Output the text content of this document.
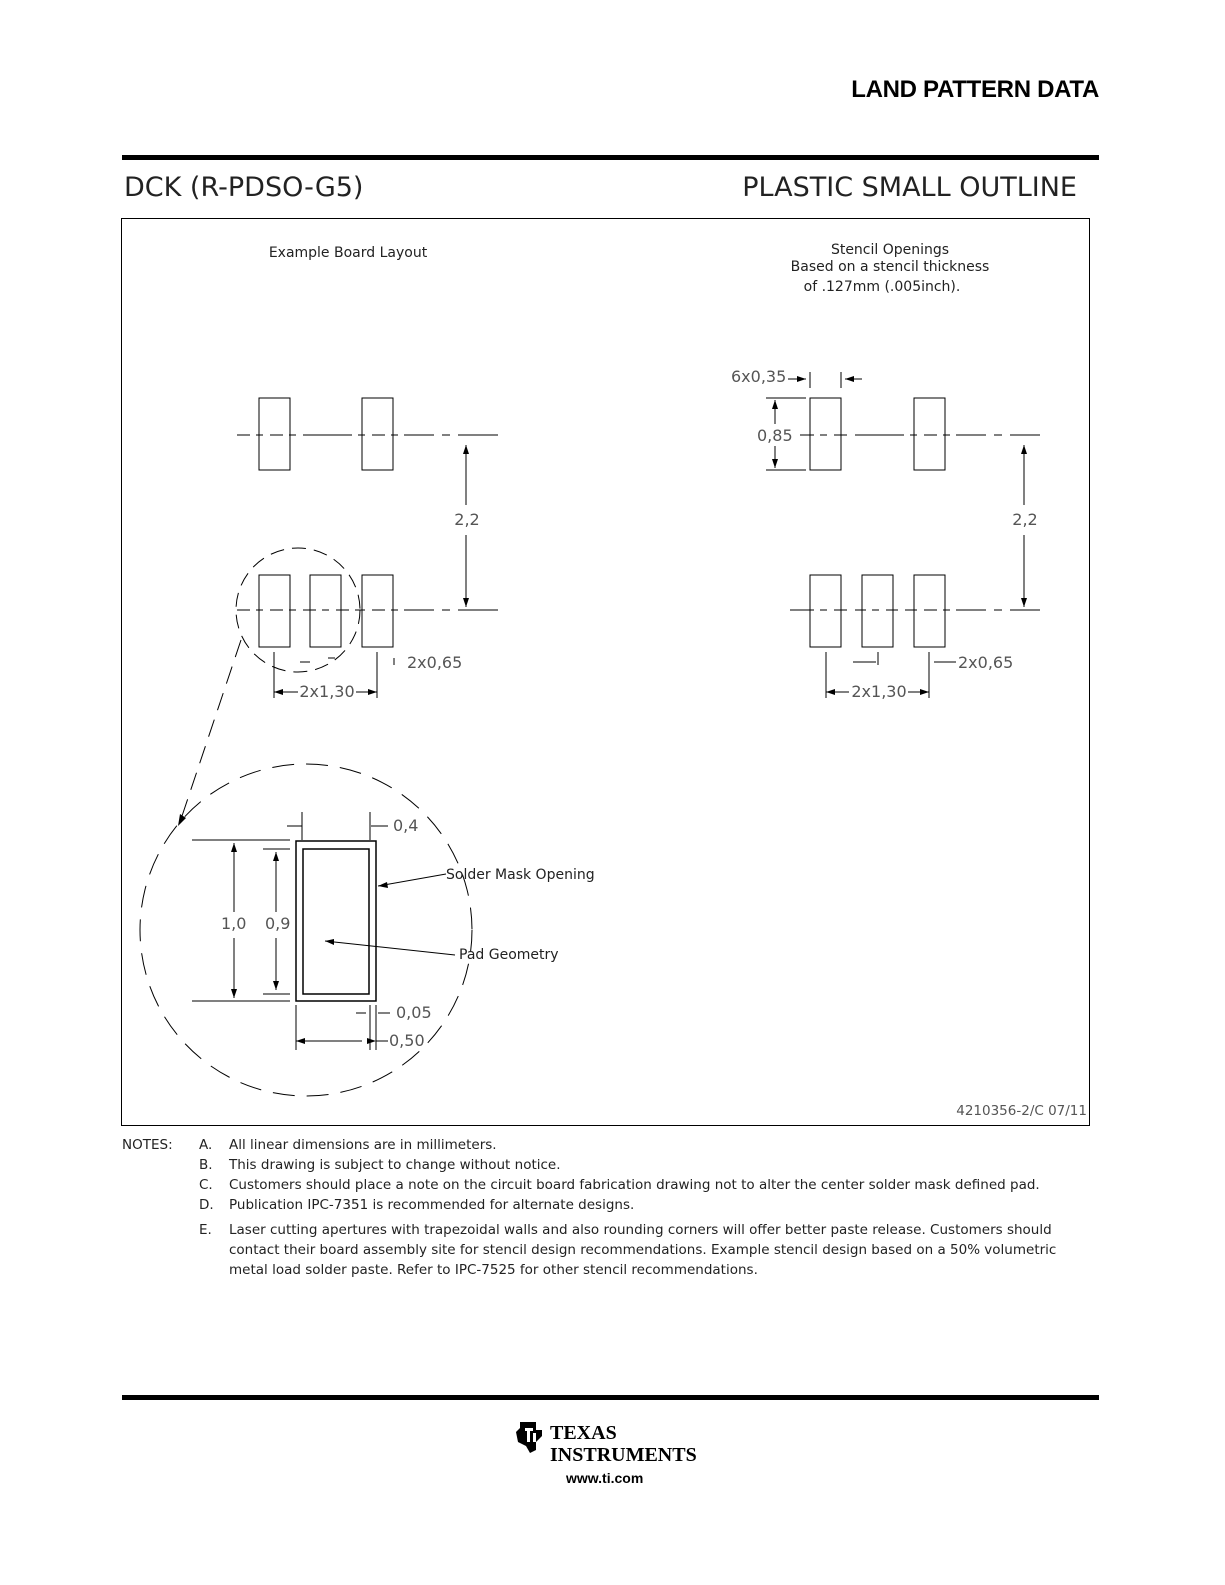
LAND PATTERN DATA
DCK (R-PDSO-G5)	PLASTIC SMALL OUTLINE
Example Board Layout	Stencil Openings
Based on a stencil thickness
of .127mm (.005inch).
2,2	2,2
2x0,65	2x0,65
2x1,30	2x1,30
6x0,35
0,85
0,4
1,0 0,9
0,05
0,50
Solder Mask Opening
Pad Geometry
4210356-2/C 07/11
NOTES: A. All linear dimensions are in millimeters.
B. This drawing is subject to change without notice.
C. Customers should place a note on the circuit board fabrication drawing not to alter the center solder mask defined pad.
D. Publication IPC-7351 is recommended for alternate designs.
E. Laser cutting apertures with trapezoidal walls and also rounding corners will offer better paste release. Customers should
contact their board assembly site for stencil design recommendations. Example stencil design based on a 50% volumetric
metal load solder paste. Refer to IPC-7525 for other stencil recommendations.
TEXAS
INSTRUMENTS
www.ti.com
